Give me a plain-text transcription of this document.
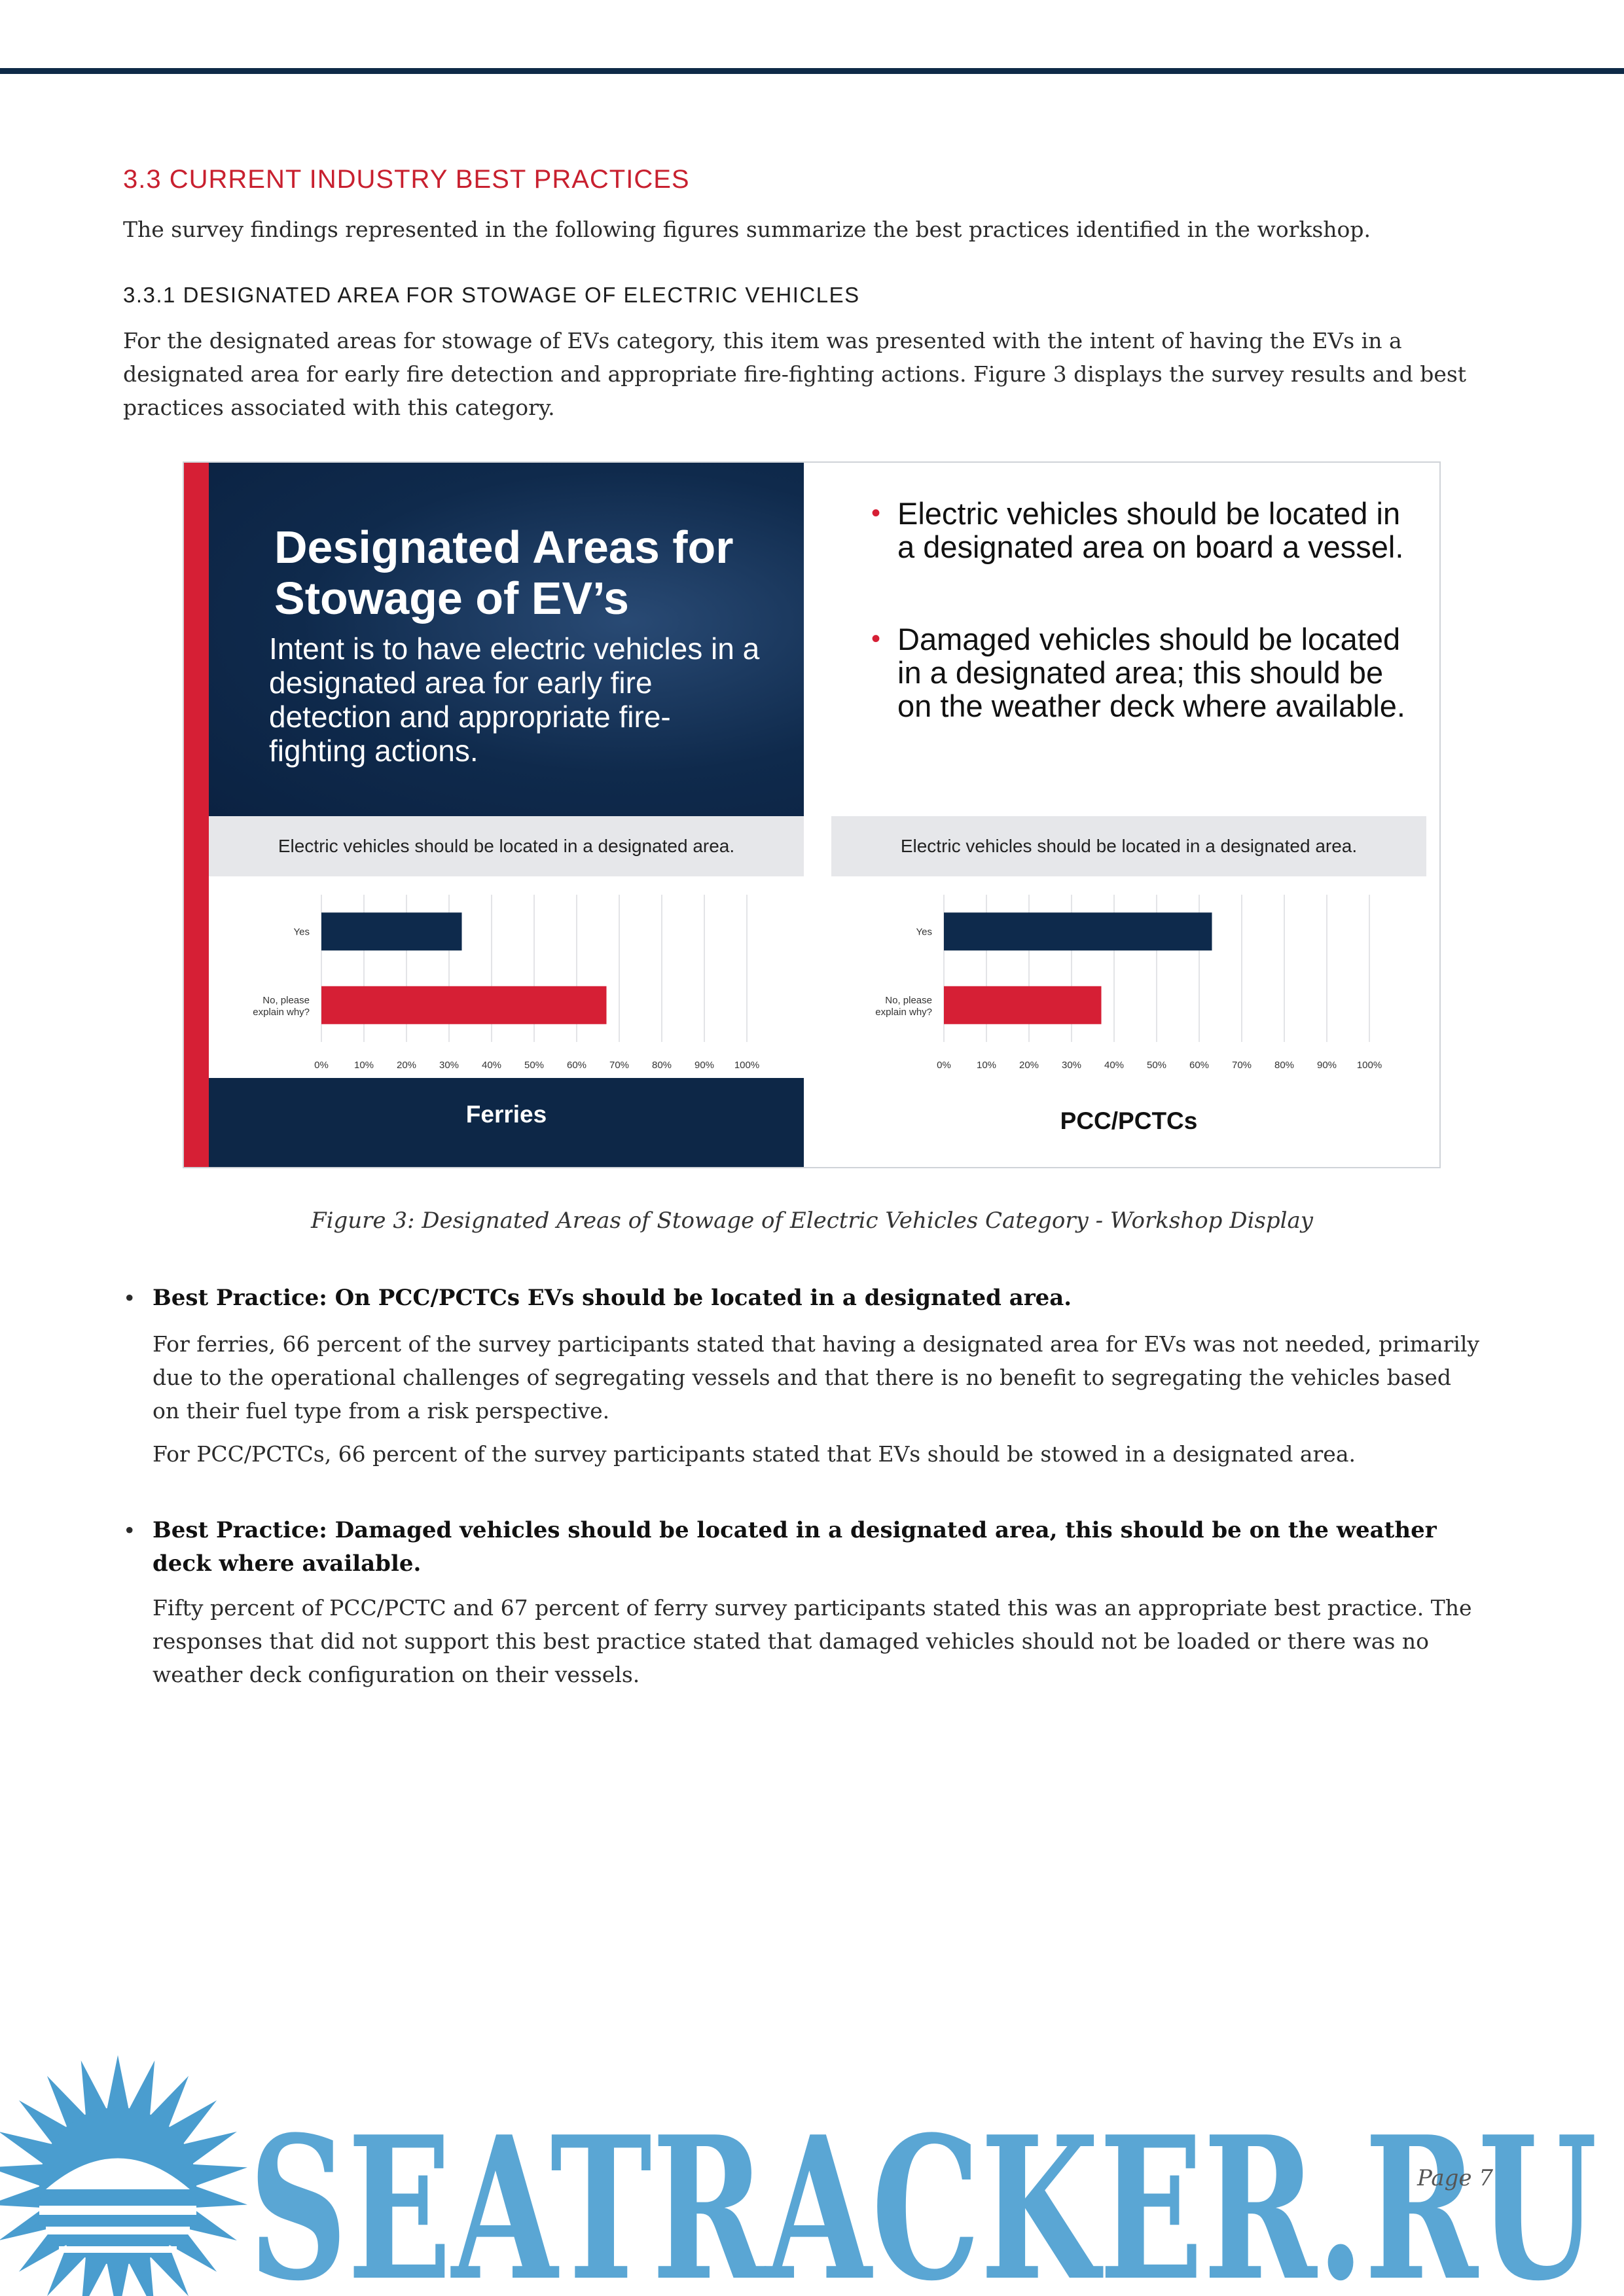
3.3 CURRENT INDUSTRY BEST PRACTICES
The survey findings represented in the following figures summarize the best practices identified in the workshop.
3.3.1 DESIGNATED AREA FOR STOWAGE OF ELECTRIC VEHICLES
For the designated areas for stowage of EVs category, this item was presented with the intent of having the EVs in a designated area for early fire detection and appropriate fire-fighting actions. Figure 3 displays the survey results and best practices associated with this category.
Designated Areas for Stowage of EV’s
Intent is to have electric vehicles in a designated area for early fire detection and appropriate fire-fighting actions.
• Electric vehicles should be located in a designated area on board a vessel.
• Damaged vehicles should be located in a designated area; this should be on the weather deck where available.
Electric vehicles should be located in a designated area.	Electric vehicles should be located in a designated area.
0%	10% 20% 30% 40% 50% 60% 70% 80% 90% 100%
Yes
No, please
explain why?
0%	10% 20% 30% 40% 50% 60% 70% 80% 90% 100%
Yes
No, please
explain why?
Ferries	PCC/PCTCs
Figure 3: Designated Areas of Stowage of Electric Vehicles Category - Workshop Display
• Best Practice: On PCC/PCTCs EVs should be located in a designated area.
For ferries, 66 percent of the survey participants stated that having a designated area for EVs was not needed, primarily due to the operational challenges of segregating vessels and that there is no benefit to segregating the vehicles based on their fuel type from a risk perspective.
For PCC/PCTCs, 66 percent of the survey participants stated that EVs should be stowed in a designated area.
• Best Practice: Damaged vehicles should be located in a designated area, this should be on the weather deck where available.
Fifty percent of PCC/PCTC and 67 percent of ferry survey participants stated this was an appropriate best practice. The responses that did not support this best practice stated that damaged vehicles should not be loaded or there was no weather deck configuration on their vessels.
SEATRACKER.RU
Page 7
